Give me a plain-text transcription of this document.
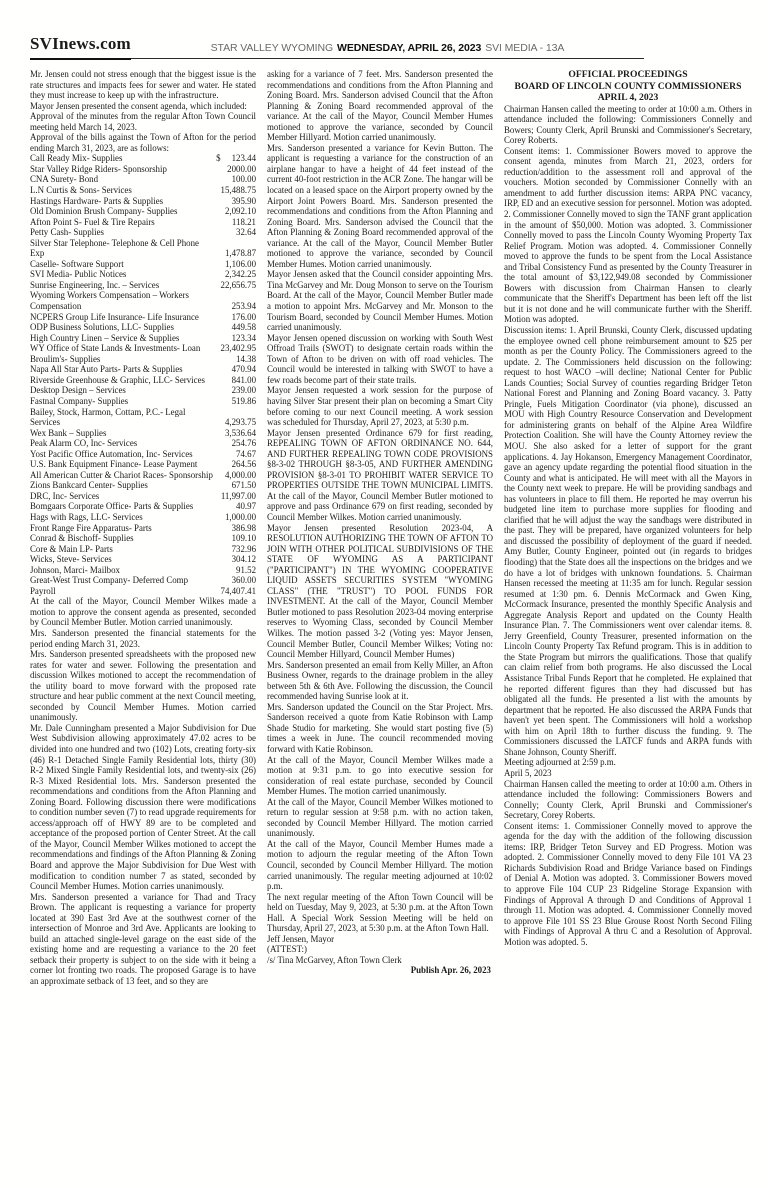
SVInews.com	STAR VALLEY WYOMING WEDNESDAY, APRIL 26, 2023 SVI MEDIA - 13A

Mr. Jensen could not stress enough that the biggest issue is the rate structures and impacts fees for sewer and water. He stated they must increase to keep up with the infrastructure.

Mayor Jensen presented the consent agenda, which included:

Approval of the minutes from the regular Afton Town Council meeting held March 14, 2023.

Approval of the bills against the Town of Afton for the period ending March 31, 2023, are as follows:

Call Ready Mix- Supplies	$ 123.44
Star Valley Ridge Riders- Sponsorship	2000.00
CNA Surety- Bond	100.00
L.N Curtis & Sons- Services	15,488.75
Hastings Hardware- Parts & Supplies	395.90
Old Dominion Brush Company- Supplies	2,092.10
Afton Point S- Fuel & Tire Repairs	118.21
Petty Cash- Supplies	32.64
Silver Star Telephone- Telephone & Cell Phone Exp	1,478.87
Caselle- Software Support	1,106.00
SVI Media- Public Notices	2,342.25
Sunrise Engineering, Inc. – Services	22,656.75
Wyoming Workers Compensation – Workers Compensation	253.94
NCPERS Group Life Insurance- Life Insurance	176.00
ODP Business Solutions, LLC- Supplies	449.58
High Country Linen – Service & Supplies	123.34
WY Office of State Lands & Investments- Loan	23,402.95
Broulim's- Supplies	14.38
Napa All Star Auto Parts- Parts & Supplies	470.94
Riverside Greenhouse & Graphic, LLC- Services	841.00
Desktop Design – Services	239.00
Fastnal Company- Supplies	519.86
Bailey, Stock, Harmon, Cottam, P.C.- Legal Services	4,293.75
Wex Bank – Supplies	3,536.64
Peak Alarm CO, Inc- Services	254.76
Yost Pacific Office Automation, Inc- Services	74.67
U.S. Bank Equipment Finance- Lease Payment	264.56
All American Cutter & Chariot Races- Sponsorship	4,000.00
Zions Bankcard Center- Supplies	671.50
DRC, Inc- Services	11,997.00
Bomgaars Corporate Office- Parts & Supplies	40.97
Hags with Rags, LLC- Services	1,000.00
Front Range Fire Apparatus- Parts	386.98
Conrad & Bischoff- Supplies	109.10
Core & Main LP- Parts	732.96
Wicks, Steve- Services	304.12
Johnson, Marci- Mailbox	91.52
Great-West Trust Company- Deferred Comp	360.00
Payroll	74,407.41

At the call of the Mayor, Council Member Wilkes made a motion to approve the consent agenda as presented, seconded by Council Member Butler. Motion carried unanimously.

Mrs. Sanderson presented the financial statements for the period ending March 31, 2023.

Mrs. Sanderson presented spreadsheets with the proposed new rates for water and sewer. Following the presentation and discussion Wilkes motioned to accept the recommendation of the utility board to move forward with the proposed rate structure and hear public comment at the next Council meeting, seconded by Council Member Humes. Motion carried unanimously.

Mr. Dale Cunningham presented a Major Subdivision for Due West Subdivision allowing approximately 47.02 acres to be divided into one hundred and two (102) Lots, creating forty-six (46) R-1 Detached Single Family Residential lots, thirty (30) R-2 Mixed Single Family Residential lots, and twenty-six (26) R-3 Mixed Residential lots. Mrs. Sanderson presented the recommendations and conditions from the Afton Planning and Zoning Board. Following discussion there were modifications to condition number seven (7) to read upgrade requirements for access/approach off of HWY 89 are to be completed and acceptance of the proposed portion of Center Street. At the call of the Mayor, Council Member Wilkes motioned to accept the recommendations and findings of the Afton Planning & Zoning Board and approve the Major Subdivision for Due West with modification to condition number 7 as stated, seconded by Council Member Humes. Motion carries unanimously.

Mrs. Sanderson presented a variance for Thad and Tracy Brown. The applicant is requesting a variance for property located at 390 East 3rd Ave at the southwest corner of the intersection of Monroe and 3rd Ave. Applicants are looking to build an attached single-level garage on the east side of the existing home and are requesting a variance to the 20 feet setback their property is subject to on the side with it being a corner lot fronting two roads. The proposed Garage is to have an approximate setback of 13 feet, and so they are

asking for a variance of 7 feet. Mrs. Sanderson presented the recommendations and conditions from the Afton Planning and Zoning Board. Mrs. Sanderson advised Council that the Afton Planning & Zoning Board recommended approval of the variance. At the call of the Mayor, Council Member Humes motioned to approve the variance, seconded by Council Member Hillyard. Motion carried unanimously.

Mrs. Sanderson presented a variance for Kevin Button. The applicant is requesting a variance for the construction of an airplane hangar to have a height of 44 feet instead of the current 40-foot restriction in the ACR Zone. The hangar will be located on a leased space on the Airport property owned by the Airport Joint Powers Board. Mrs. Sanderson presented the recommendations and conditions from the Afton Planning and Zoning Board. Mrs. Sanderson advised the Council that the Afton Planning & Zoning Board recommended approval of the variance. At the call of the Mayor, Council Member Butler motioned to approve the variance, seconded by Council Member Humes. Motion carried unanimously.

Mayor Jensen asked that the Council consider appointing Mrs. Tina McGarvey and Mr. Doug Monson to serve on the Tourism Board. At the call of the Mayor, Council Member Butler made a motion to appoint Mrs. McGarvey and Mr. Monson to the Tourism Board, seconded by Council Member Humes. Motion carried unanimously.

Mayor Jensen opened discussion on working with South West Offroad Trails (SWOT) to designate certain roads within the Town of Afton to be driven on with off road vehicles. The Council would be interested in talking with SWOT to have a few roads become part of their state trails.

Mayor Jensen requested a work session for the purpose of having Silver Star present their plan on becoming a Smart City before coming to our next Council meeting. A work session was scheduled for Thursday, April 27, 2023, at 5:30 p.m.

Mayor Jensen presented Ordinance 679 for first reading, REPEALING TOWN OF AFTON ORDINANCE NO. 644, AND FURTHER REPEALING TOWN CODE PROVISIONS §8-3-02 THROUGH §8-3-05, AND FURTHER AMENDING PROVISION §8-3-01 TO PROHIBIT WATER SERVICE TO PROPERTIES OUTSIDE THE TOWN MUNICIPAL LIMITS. At the call of the Mayor, Council Member Butler motioned to approve and pass Ordinance 679 on first reading, seconded by Council Member Wilkes. Motion carried unanimously.

Mayor Jensen presented Resolution 2023-04, A RESOLUTION AUTHORIZING THE TOWN OF AFTON TO JOIN WITH OTHER POLITICAL SUBDIVISIONS OF THE STATE OF WYOMING AS A PARTICIPANT ("PARTICIPANT") IN THE WYOMING COOPERATIVE LIQUID ASSETS SECURITIES SYSTEM "WYOMING CLASS" (THE "TRUST") TO POOL FUNDS FOR INVESTMENT. At the call of the Mayor, Council Member Butler motioned to pass Resolution 2023-04 moving enterprise reserves to Wyoming Class, seconded by Council Member Wilkes. The motion passed 3-2 (Voting yes: Mayor Jensen, Council Member Butler, Council Member Wilkes; Voting no: Council Member Hillyard, Council Member Humes)

Mrs. Sanderson presented an email from Kelly Miller, an Afton Business Owner, regards to the drainage problem in the alley between 5th & 6th Ave. Following the discussion, the Council recommended having Sunrise look at it.

Mrs. Sanderson updated the Council on the Star Project. Mrs. Sanderson received a quote from Katie Robinson with Lamp Shade Studio for marketing. She would start posting five (5) times a week in June. The council recommended moving forward with Katie Robinson.

At the call of the Mayor, Council Member Wilkes made a motion at 9:31 p.m. to go into executive session for consideration of real estate purchase, seconded by Council Member Humes. The motion carried unanimously.

At the call of the Mayor, Council Member Wilkes motioned to return to regular session at 9:58 p.m. with no action taken, seconded by Council Member Hillyard. The motion carried unanimously.

At the call of the Mayor, Council Member Humes made a motion to adjourn the regular meeting of the Afton Town Council, seconded by Council Member Hillyard. The motion carried unanimously. The regular meeting adjourned at 10:02 p.m.

The next regular meeting of the Afton Town Council will be held on Tuesday, May 9, 2023, at 5:30 p.m. at the Afton Town Hall. A Special Work Session Meeting will be held on Thursday, April 27, 2023, at 5:30 p.m. at the Afton Town Hall.

Jeff Jensen, Mayor

(ATTEST:)

/s/ Tina McGarvey, Afton Town Clerk

Publish Apr. 26, 2023

OFFICIAL PROCEEDINGS

BOARD OF LINCOLN COUNTY COMMISSIONERS

APRIL 4, 2023

Chairman Hansen called the meeting to order at 10:00 a.m. Others in attendance included the following: Commissioners Connelly and Bowers; County Clerk, April Brunski and Commissioner's Secretary, Corey Roberts.

Consent items: 1. Commissioner Bowers moved to approve the consent agenda, minutes from March 21, 2023, orders for reduction/addition to the assessment roll and approval of the vouchers. Motion seconded by Commissioner Connelly with an amendment to add further discussion items: ARPA PNC vacancy, IRP, ED and an executive session for personnel. Motion was adopted. 2. Commissioner Connelly moved to sign the TANF grant application in the amount of $50,000. Motion was adopted. 3. Commissioner Connelly moved to pass the Lincoln County Wyoming Property Tax Relief Program. Motion was adopted. 4. Commissioner Connelly moved to approve the funds to be spent from the Local Assistance and Tribal Consistency Fund as presented by the County Treasurer in the total amount of $3,122,949.08 seconded by Commissioner Bowers with discussion from Chairman Hansen to clearly communicate that the Sheriff's Department has been left off the list but it is not done and he will communicate further with the Sheriff. Motion was adopted.

Discussion items: 1. April Brunski, County Clerk, discussed updating the employee owned cell phone reimbursement amount to $25 per month as per the County Policy. The Commissioners agreed to the update. 2. The Commissioners held discussion on the following: request to host WACO –will decline; National Center for Public Lands Counties; Social Survey of counties regarding Bridger Teton National Forest and Planning and Zoning Board vacancy. 3. Patty Pringle, Fuels Mitigation Coordinator (via phone), discussed an MOU with High Country Resource Conservation and Development for administering grants on behalf of the Alpine Area Wildfire Protection Coalition. She will have the County Attorney review the MOU. She also asked for a letter of support for the grant applications. 4. Jay Hokanson, Emergency Management Coordinator, gave an agency update regarding the potential flood situation in the County and what is anticipated. He will meet with all the Mayors in the County next week to prepare. He will be providing sandbags and has volunteers in place to fill them. He reported he may overrun his budgeted line item to purchase more supplies for flooding and clarified that he will adjust the way the sandbags were distributed in the past. They will be prepared, have organized volunteers for help and discussed the possibility of deployment of the guard if needed. Amy Butler, County Engineer, pointed out (in regards to bridges flooding) that the State does all the inspections on the bridges and we do have a lot of bridges with unknown foundations. 5. Chairman Hansen recessed the meeting at 11:35 am for lunch. Regular session resumed at 1:30 pm. 6. Dennis McCormack and Gwen King, McCormack Insurance, presented the monthly Specific Analysis and Aggregate Analysis Report and updated on the County Health Insurance Plan. 7. The Commissioners went over calendar items. 8. Jerry Greenfield, County Treasurer, presented information on the Lincoln County Property Tax Refund program. This is in addition to the State Program but mirrors the qualifications. Those that qualify can claim relief from both programs. He also discussed the Local Assistance Tribal Funds Report that he completed. He explained that he reported different figures than they had discussed but has obligated all the funds. He presented a list with the amounts by department that he reported. He also discussed the ARPA Funds that haven't yet been spent. The Commissioners will hold a workshop with him on April 18th to further discuss the funding. 9. The Commissioners discussed the LATCF funds and ARPA funds with Shane Johnson, County Sheriff.

Meeting adjourned at 2:59 p.m.

April 5, 2023

Chairman Hansen called the meeting to order at 10:00 a.m. Others in attendance included the following: Commissioners Bowers and Connelly; County Clerk, April Brunski and Commissioner's Secretary, Corey Roberts.

Consent items: 1. Commissioner Connelly moved to approve the agenda for the day with the addition of the following discussion items: IRP, Bridger Teton Survey and ED Progress. Motion was adopted. 2. Commissioner Connelly moved to deny File 101 VA 23 Richards Subdivision Road and Bridge Variance based on Findings of Denial A. Motion was adopted. 3. Commissioner Bowers moved to approve File 104 CUP 23 Ridgeline Storage Expansion with Findings of Approval A through D and Conditions of Approval 1 through 11. Motion was adopted. 4. Commissioner Connelly moved to approve File 101 SS 23 Blue Grouse Roost North Second Filing with Findings of Approval A thru C and a Resolution of Approval. Motion was adopted. 5.
